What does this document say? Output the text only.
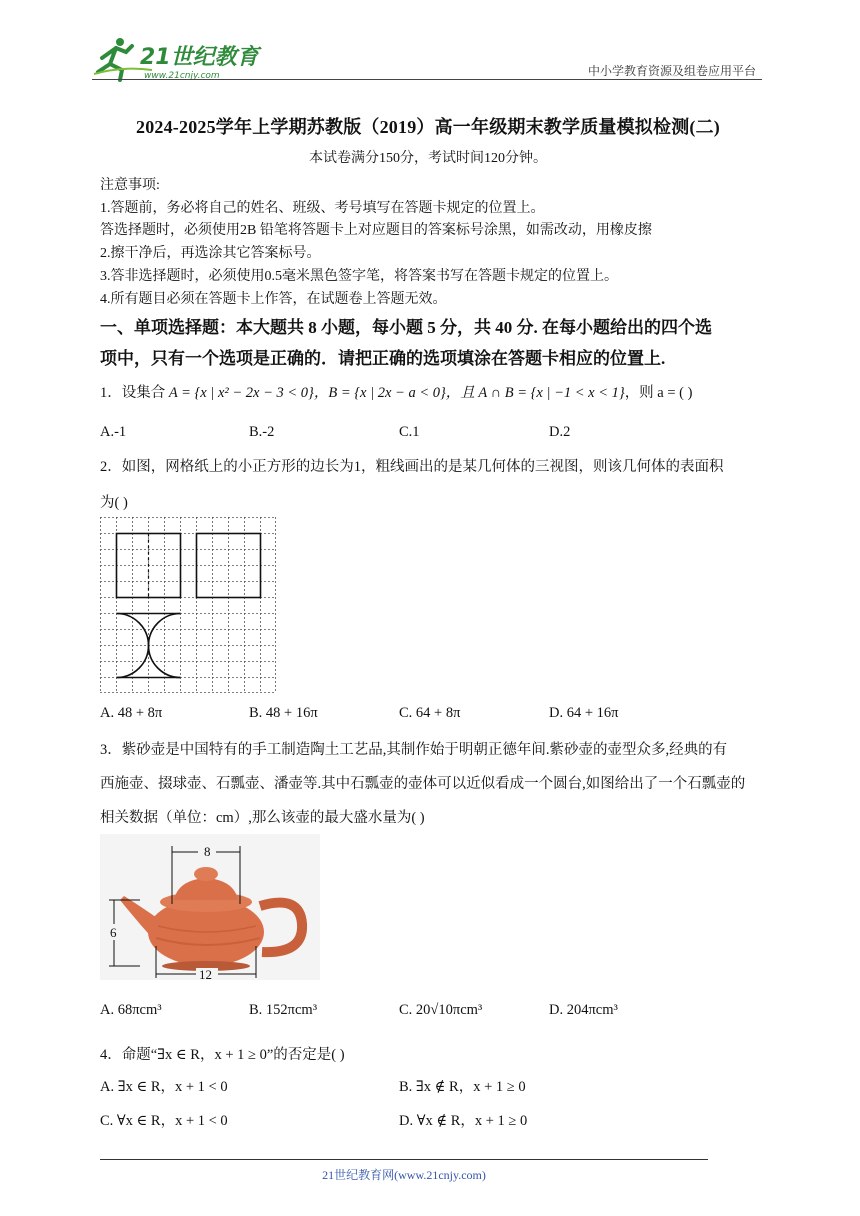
21世纪教育
www.21cnjy.com	中小学教育资源及组卷应用平台
2024-2025学年上学期苏教版（2019）高一年级期末教学质量模拟检测(二)
本试卷满分150分，考试时间120分钟。
注意事项:
1.答题前，务必将自己的姓名、班级、考号填写在答题卡规定的位置上。
答选择题时，必须使用2B 铅笔将答题卡上对应题目的答案标号涂黑，如需改动，用橡皮擦
2.擦干净后，再选涂其它答案标号。
3.答非选择题时，必须使用0.5毫米黑色签字笔，将答案书写在答题卡规定的位置上。
4.所有题目必须在答题卡上作答，在试题卷上答题无效。
一、单项选择题：本大题共 8 小题，每小题 5 分，共 40 分. 在每小题给出的四个选
项中，只有一个选项是正确的．请把正确的选项填涂在答题卡相应的位置上.
1．设集合 A = {x | x² − 2x − 3 < 0}，B = {x | 2x − a < 0}，且 A ∩ B = {x | −1 < x < 1}，则 a = ( )
A.-1	B.-2	C.1	D.2
2．如图，网格纸上的小正方形的边长为1，粗线画出的是某几何体的三视图，则该几何体的表面积
为( )
A. 48 + 8π	B. 48 + 16π	C. 64 + 8π	D. 64 + 16π
3．紫砂壶是中国特有的手工制造陶土工艺品,其制作始于明朝正德年间.紫砂壶的壶型众多,经典的有
西施壶、掇球壶、石瓢壶、潘壶等.其中石瓢壶的壶体可以近似看成一个圆台,如图给出了一个石瓢壶的
相关数据（单位：cm）,那么该壶的最大盛水量为( )
8
6
12
A. 68πcm³	B. 152πcm³	C. 20√10πcm³	D. 204πcm³
4．命题“∃x ∈ R，x + 1 ≥ 0”的否定是( )
A. ∃x ∈ R，x + 1 < 0	B. ∃x ∉ R，x + 1 ≥ 0
C. ∀x ∈ R，x + 1 < 0	D. ∀x ∉ R，x + 1 ≥ 0
21世纪教育网(www.21cnjy.com)
